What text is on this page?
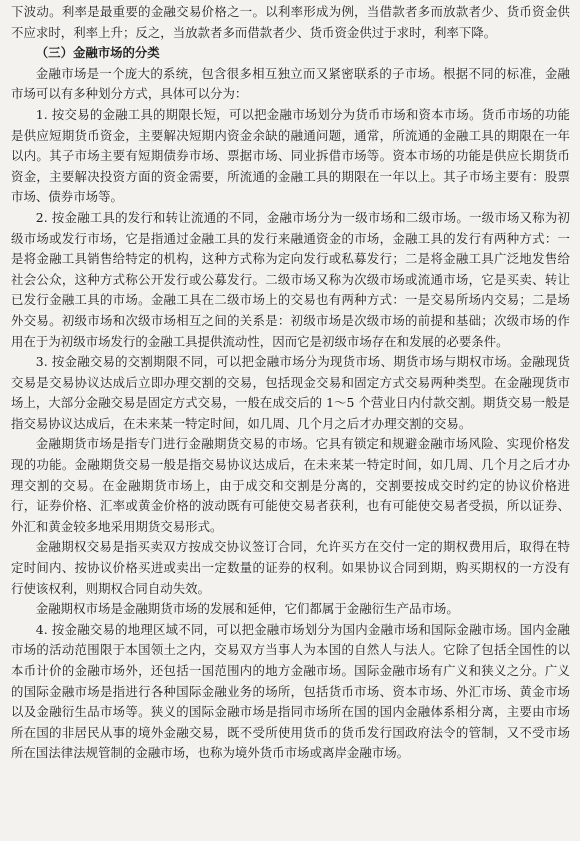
下波动。利率是最重要的金融交易价格之一。以利率形成为例，当借款者多而放款者少、货币资金供不应求时，利率上升；反之，当放款者多而借款者少、货币资金供过于求时，利率下降。

（三）金融市场的分类

金融市场是一个庞大的系统，包含很多相互独立而又紧密联系的子市场。根据不同的标准，金融市场可以有多种划分方式，具体可以分为：

1. 按交易的金融工具的期限长短，可以把金融市场划分为货币市场和资本市场。货币市场的功能是供应短期货币资金，主要解决短期内资金余缺的融通问题，通常，所流通的金融工具的期限在一年以内。其子市场主要有短期债券市场、票据市场、同业拆借市场等。资本市场的功能是供应长期货币资金，主要解决投资方面的资金需要，所流通的金融工具的期限在一年以上。其子市场主要有：股票市场、债券市场等。

2. 按金融工具的发行和转让流通的不同，金融市场分为一级市场和二级市场。一级市场又称为初级市场或发行市场，它是指通过金融工具的发行来融通资金的市场，金融工具的发行有两种方式：一是将金融工具销售给特定的机构，这种方式称为定向发行或私募发行；二是将金融工具广泛地发售给社会公众，这种方式称公开发行或公募发行。二级市场又称为次级市场或流通市场，它是买卖、转让已发行金融工具的市场。金融工具在二级市场上的交易也有两种方式：一是交易所场内交易；二是场外交易。初级市场和次级市场相互之间的关系是：初级市场是次级市场的前提和基础；次级市场的作用在于为初级市场发行的金融工具提供流动性，因而它是初级市场存在和发展的必要条件。

3. 按金融交易的交割期限不同，可以把金融市场分为现货市场、期货市场与期权市场。金融现货交易是交易协议达成后立即办理交割的交易，包括现金交易和固定方式交易两种类型。在金融现货市场上，大部分金融交易是固定方式交易，一般在成交后的 1～5 个营业日内付款交割。期货交易一般是指交易协议达成后，在未来某一特定时间，如几周、几个月之后才办理交割的交易。

金融期货市场是指专门进行金融期货交易的市场。它具有锁定和规避金融市场风险、实现价格发现的功能。金融期货交易一般是指交易协议达成后，在未来某一特定时间，如几周、几个月之后才办理交割的交易。在金融期货市场上，由于成交和交割是分离的，交割要按成交时约定的协议价格进行，证券价格、汇率或黄金价格的波动既有可能使交易者获利，也有可能使交易者受损，所以证券、外汇和黄金较多地采用期货交易形式。

金融期权交易是指买卖双方按成交协议签订合同，允许买方在交付一定的期权费用后，取得在特定时间内、按协议价格买进或卖出一定数量的证券的权利。如果协议合同到期，购买期权的一方没有行使该权利，则期权合同自动失效。

金融期权市场是金融期货市场的发展和延伸，它们都属于金融衍生产品市场。

4. 按金融交易的地理区域不同，可以把金融市场划分为国内金融市场和国际金融市场。国内金融市场的活动范围限于本国领土之内，交易双方当事人为本国的自然人与法人。它除了包括全国性的以本币计价的金融市场外，还包括一国范围内的地方金融市场。国际金融市场有广义和狭义之分。广义的国际金融市场是指进行各种国际金融业务的场所，包括货币市场、资本市场、外汇市场、黄金市场以及金融衍生品市场等。狭义的国际金融市场是指同市场所在国的国内金融体系相分离，主要由市场所在国的非居民从事的境外金融交易，既不受所使用货币的货币发行国政府法令的管制，又不受市场所在国法律法规管制的金融市场，也称为境外货币市场或离岸金融市场。
